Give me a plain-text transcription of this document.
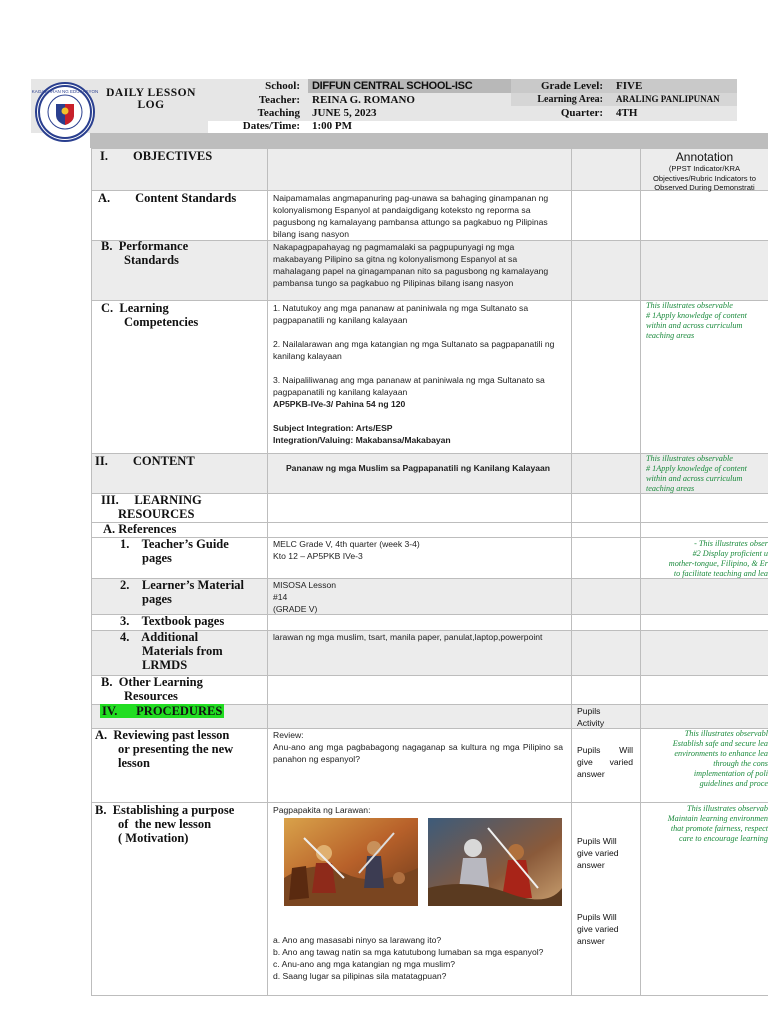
KAGAWARAN NG EDUKASYON DAILY LESSON
LOG
School: DIFFUN CENTRAL SCHOOL-ISC
Teacher: REINA G. ROMANO
Teaching
Dates/Time:
JUNE 5, 2023
1:00 PM
Grade Level: FIVE
Learning Area: ARALING PANLIPUNAN
Quarter: 4TH
I.        OBJECTIVES
A.        Content Standards
B.  Performance
Standards
C.  Learning
Competencies
II.        CONTENT
III.     LEARNING
RESOURCES
A. References
1.    Teacher’s Guide
pages
2.    Learner’s Material
pages
3.    Textbook pages
4.    Additional
Materials from
LRMDS
B.  Other Learning
Resources
IV.      PROCEDURES
A.  Reviewing past lesson
or presenting the new
lesson
B.  Establishing a purpose
of  the new lesson
( Motivation)
Naipamamalas angmapanuring pag-unawa sa bahaging ginampanan ng kolonyalismong Espanyol at pandaigdigang koteksto ng reporma sa pagusbong ng kamalayang pambansa attungo sa pagkabuo ng Pilipinas bilang isang nasyon
Nakapagpapahayag ng pagmamalaki sa pagpupunyagi ng mga makabayang Pilipino sa gitna ng kolonyalismong Espanyol at sa mahalagang papel na ginagampanan nito sa pagusbong ng kamalayang pambansa tungo sa pagkabuo ng Pilipinas bilang isang nasyon

1. Natutukoy ang mga pananaw at paniniwala ng mga Sultanato sa pagpapanatili ng kanilang kalayaan

2. Nailalarawan ang mga katangian ng mga Sultanato sa pagpapanatili ng kanilang kalayaan

3. Naipaliliwanag ang mga pananaw at paniniwala ng mga Sultanato sa pagpapanatili ng kanilang kalayaan

AP5PKB-IVe-3/ Pahina 54 ng 120

Subject Integration: Arts/ESP

Integration/Valuing: Makabansa/Makabayan

Pananaw ng mga Muslim sa Pagpapanatili ng Kanilang Kalayaan

MELC Grade V, 4th quarter (week 3-4)

Kto 12 – AP5PKB IVe-3

MISOSA Lesson

#14

(GRADE V)

larawan ng mga muslim, tsart, manila paper, panulat,laptop,powerpoint
Pupils
Activity

Review:

Anu-ano ang mga pagbabagong nagaganap sa kultura ng mga Pilipino sa panahon ng espanyol?

Pupils Will give varied answer
Pagpapakita ng Larawan:
Pupils Will give varied answer
Pupils Will give varied answer

a. Ano ang masasabi ninyo sa larawang ito?

b. Ano ang tawag natin sa mga katutubong lumaban sa mga espanyol?

c. Anu-ano ang mga katangian ng mga muslim?

d. Saang lugar sa pilipinas sila matatagpuan?

Annotation
(PPST Indicator/KRA
Objectives/Rubric Indicators to
Observed During Demonstrati
This illustrates observable
# 1Apply knowledge of content
within and across curriculum
teaching areas
This illustrates observable
# 1Apply knowledge of content
within and across curriculum
teaching areas
- This illustrates obser
#2 Display proficient u
mother-tongue, Filipino, & Er
to facilitate teaching and lea
This illustrates observabl
Establish safe and secure lea
environments to enhance lea
through the cons
implementation of poli
guidelines and proce
This illustrates observab
Maintain learning environmen
that promote fairness, respect
care to encourage learning
